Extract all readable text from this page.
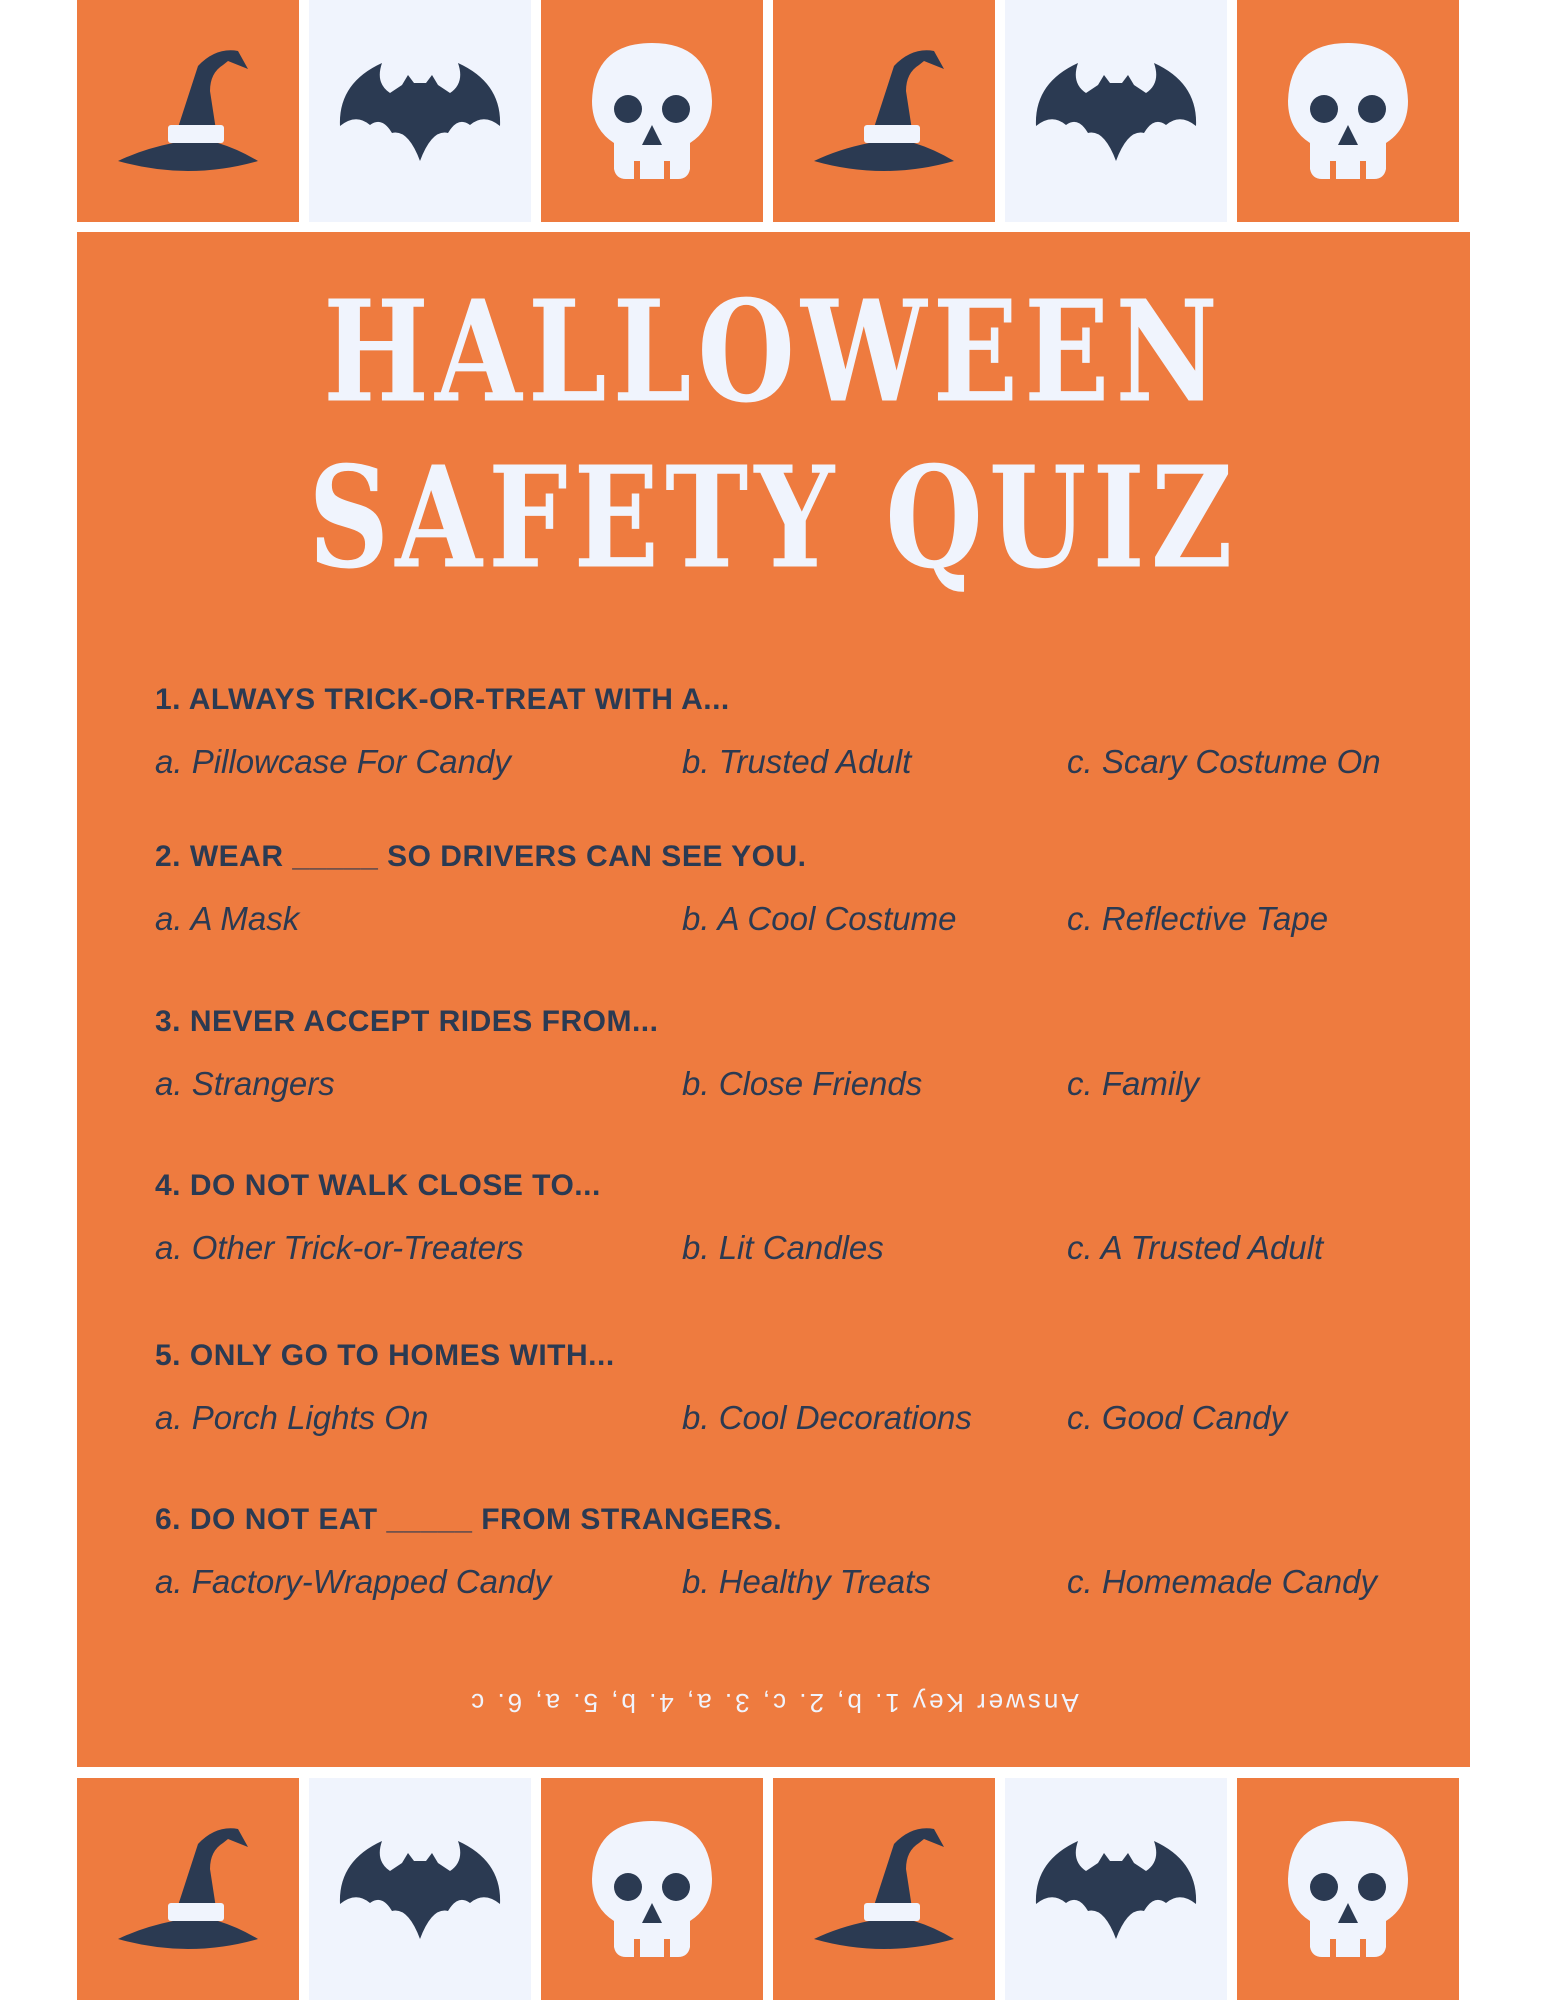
HALLOWEEN
SAFETY QUIZ
1. ALWAYS TRICK-OR-TREAT WITH A...
a. Pillowcase For Candy	b. Trusted Adult	c. Scary Costume On
2. WEAR _____ SO DRIVERS CAN SEE YOU.
a. A Mask	b. A Cool Costume	c. Reflective Tape
3. NEVER ACCEPT RIDES FROM...
a. Strangers	b. Close Friends	c. Family
4. DO NOT WALK CLOSE TO...
a. Other Trick-or-Treaters	b. Lit Candles	c. A Trusted Adult
5. ONLY GO TO HOMES WITH...
a. Porch Lights On	b. Cool Decorations	c. Good Candy
6. DO NOT EAT _____ FROM STRANGERS.
a. Factory-Wrapped Candy	b. Healthy Treats	c. Homemade Candy
Answer Key 1. b, 2. c, 3. a, 4. b, 5. a, 6. c
